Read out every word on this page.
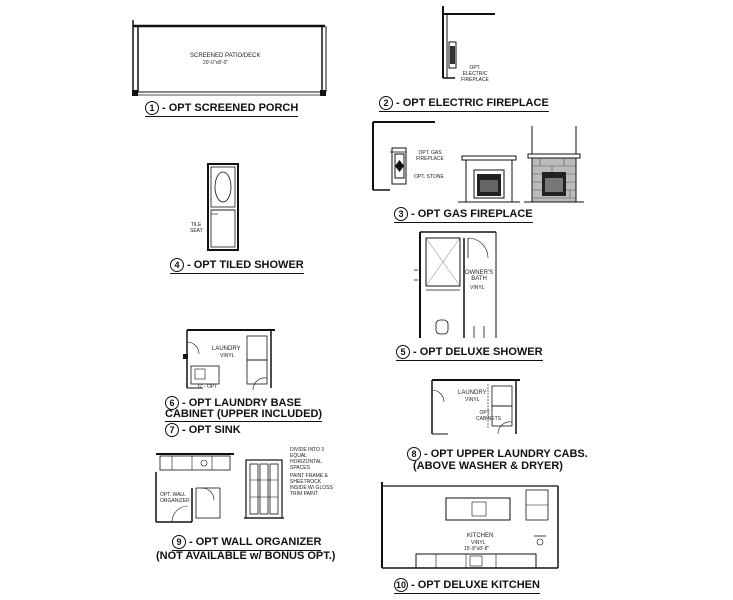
SCREENED PATIO/DECK
20'-0"x8'-0"
1 - OPT SCREENED PORCH
OPT. ELECTRIC FIREPLACE
2 - OPT ELECTRIC FIREPLACE
OPT. GAS FIREPLACE
OPT. STONE
3 - OPT GAS FIREPLACE
TILE SEAT
4 - OPT TILED SHOWER
OWNER'S BATH
VINYL
5 - OPT DELUXE SHOWER
LAUNDRY
VINYL
6" - OPT
6 - OPT LAUNDRY BASE
CABINET (UPPER INCLUDED)
7 - OPT SINK
LAUNDRY
VINYL
OPT. CABINETS
8 - OPT UPPER LAUNDRY CABS.
(ABOVE WASHER & DRYER)
OPT. WALL ORGANIZER
DIVIDE INTO 3 EQUAL HORIZONTAL SPACES
PAINT FRAME & SHEETROCK INSIDE W/ GLOSS TRIM PAINT
9 - OPT WALL ORGANIZER
(NOT AVAILABLE w/ BONUS OPT.)
KITCHEN
VINYL
15'-8"x8'-8"
10 - OPT DELUXE KITCHEN
